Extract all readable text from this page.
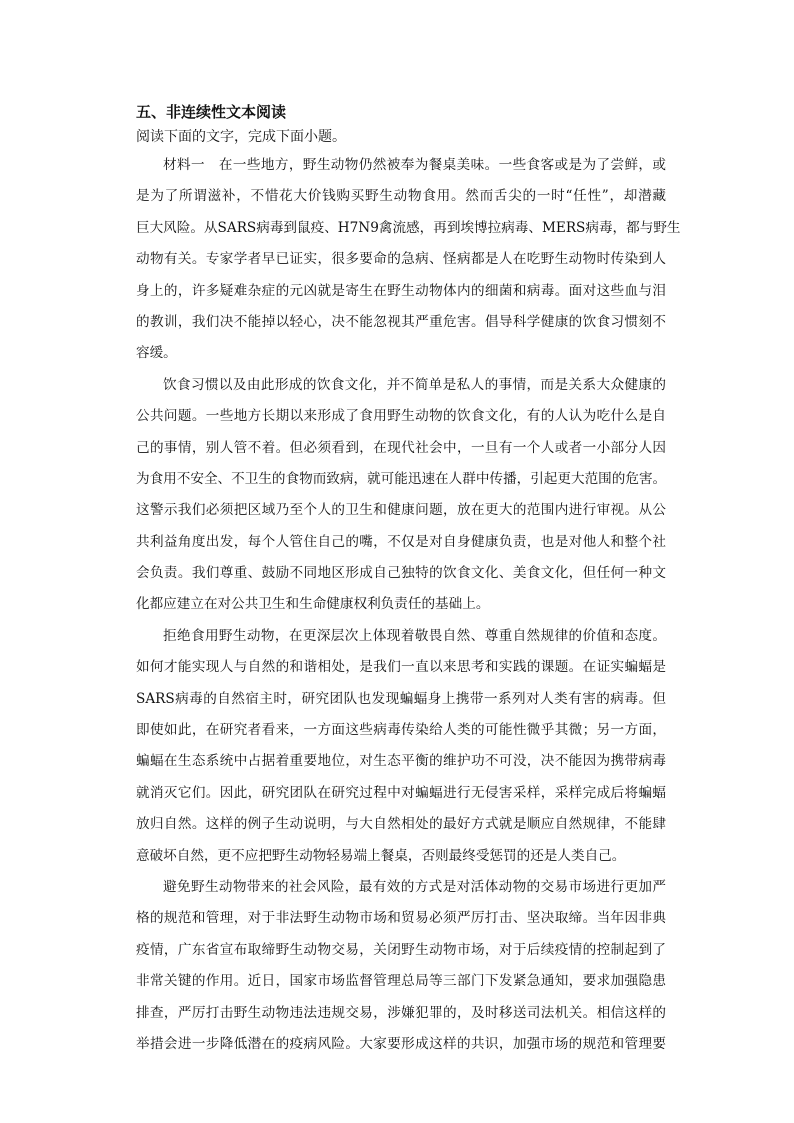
五、非连续性文本阅读
阅读下面的文字，完成下面小题。
材料一　在一些地方，野生动物仍然被奉为餐桌美味。一些食客或是为了尝鲜，或
是为了所谓滋补，不惜花大价钱购买野生动物食用。然而舌尖的一时“任性”，却潜藏
巨大风险。从SARS病毒到鼠疫、H7N9禽流感，再到埃博拉病毒、MERS病毒，都与野生
动物有关。专家学者早已证实，很多要命的急病、怪病都是人在吃野生动物时传染到人
身上的，许多疑难杂症的元凶就是寄生在野生动物体内的细菌和病毒。面对这些血与泪
的教训，我们决不能掉以轻心，决不能忽视其严重危害。倡导科学健康的饮食习惯刻不
容缓。
饮食习惯以及由此形成的饮食文化，并不简单是私人的事情，而是关系大众健康的
公共问题。一些地方长期以来形成了食用野生动物的饮食文化，有的人认为吃什么是自
己的事情，别人管不着。但必须看到，在现代社会中，一旦有一个人或者一小部分人因
为食用不安全、不卫生的食物而致病，就可能迅速在人群中传播，引起更大范围的危害。
这警示我们必须把区域乃至个人的卫生和健康问题，放在更大的范围内进行审视。从公
共利益角度出发，每个人管住自己的嘴，不仅是对自身健康负责，也是对他人和整个社
会负责。我们尊重、鼓励不同地区形成自己独特的饮食文化、美食文化，但任何一种文
化都应建立在对公共卫生和生命健康权利负责任的基础上。
拒绝食用野生动物，在更深层次上体现着敬畏自然、尊重自然规律的价值和态度。
如何才能实现人与自然的和谐相处，是我们一直以来思考和实践的课题。在证实蝙蝠是
SARS病毒的自然宿主时，研究团队也发现蝙蝠身上携带一系列对人类有害的病毒。但
即使如此，在研究者看来，一方面这些病毒传染给人类的可能性微乎其微；另一方面，
蝙蝠在生态系统中占据着重要地位，对生态平衡的维护功不可没，决不能因为携带病毒
就消灭它们。因此，研究团队在研究过程中对蝙蝠进行无侵害采样，采样完成后将蝙蝠
放归自然。这样的例子生动说明，与大自然相处的最好方式就是顺应自然规律，不能肆
意破坏自然，更不应把野生动物轻易端上餐桌，否则最终受惩罚的还是人类自己。
避免野生动物带来的社会风险，最有效的方式是对活体动物的交易市场进行更加严
格的规范和管理，对于非法野生动物市场和贸易必须严厉打击、坚决取缔。当年因非典
疫情，广东省宣布取缔野生动物交易，关闭野生动物市场，对于后续疫情的控制起到了
非常关键的作用。近日，国家市场监督管理总局等三部门下发紧急通知，要求加强隐患
排查，严厉打击野生动物违法违规交易，涉嫌犯罪的，及时移送司法机关。相信这样的
举措会进一步降低潜在的疫病风险。大家要形成这样的共识，加强市场的规范和管理要
